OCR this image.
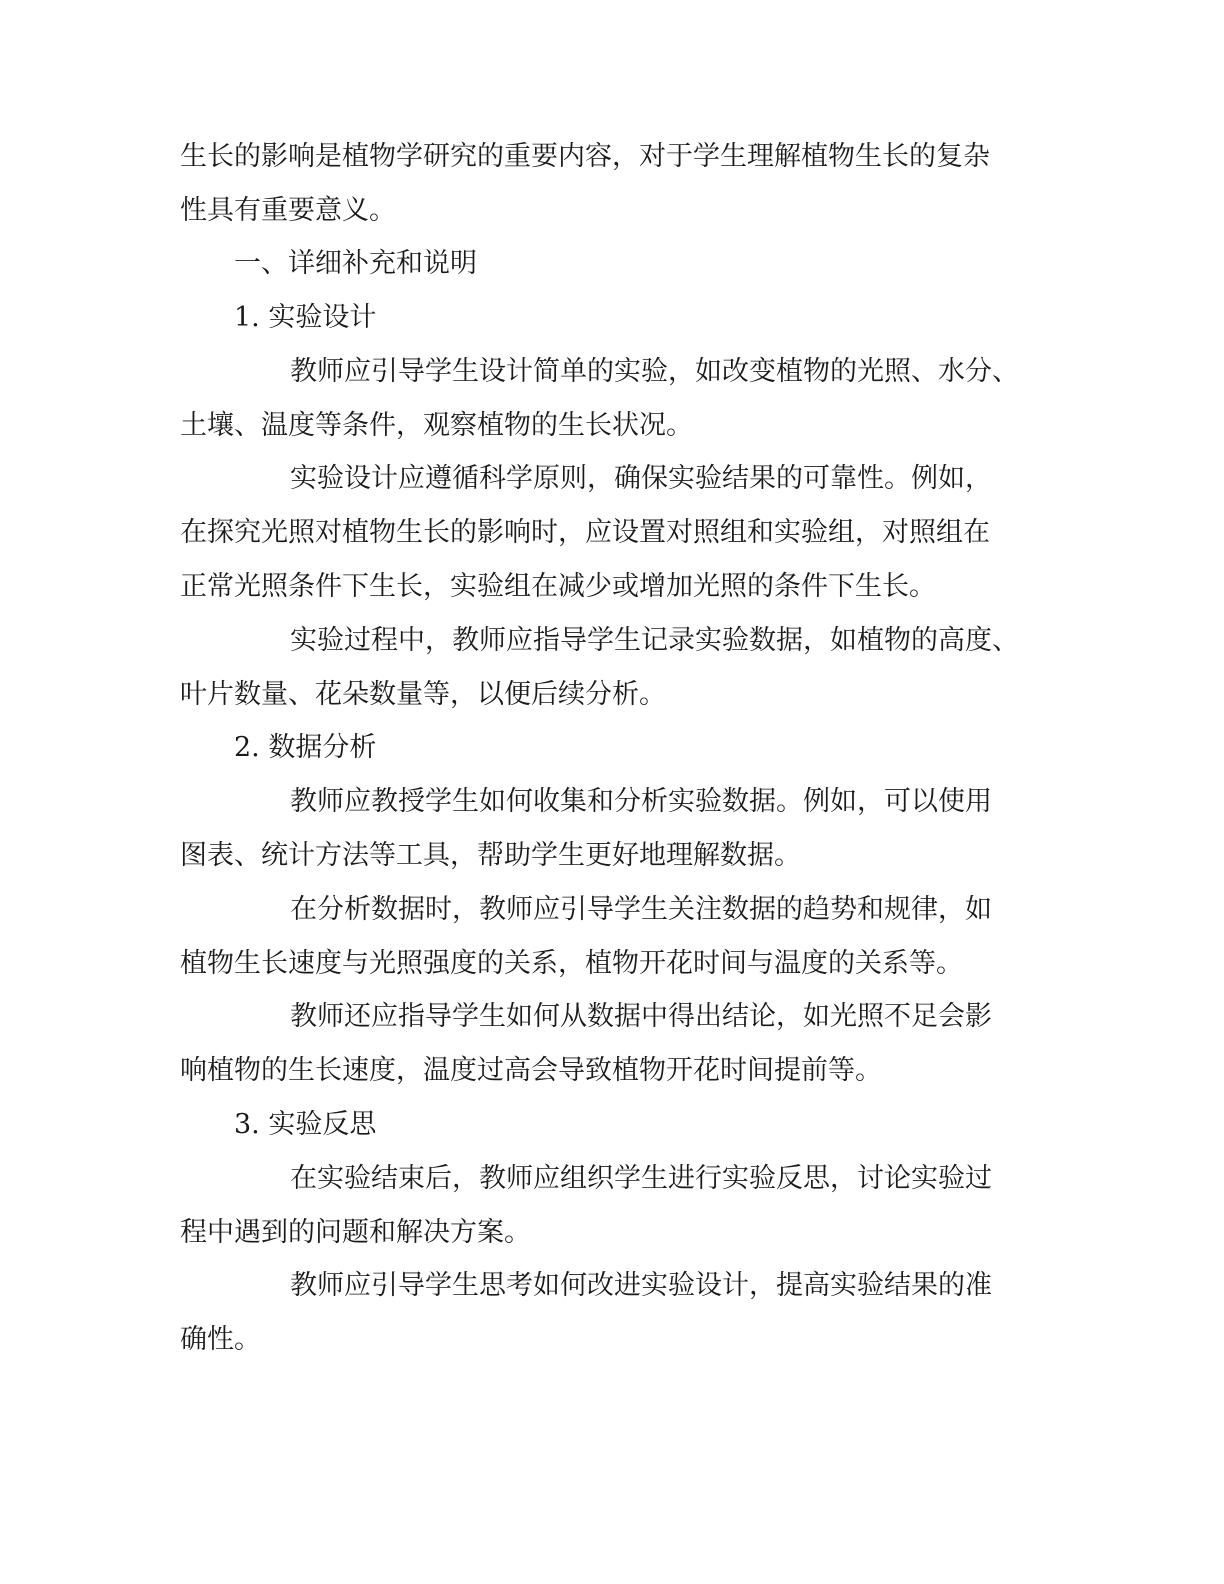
生长的影响是植物学研究的重要内容，对于学生理解植物生长的复杂
性具有重要意义。
一、详细补充和说明
1. 实验设计
教师应引导学生设计简单的实验，如改变植物的光照、水分、
土壤、温度等条件，观察植物的生长状况。
实验设计应遵循科学原则，确保实验结果的可靠性。例如，
在探究光照对植物生长的影响时，应设置对照组和实验组，对照组在
正常光照条件下生长，实验组在减少或增加光照的条件下生长。
实验过程中，教师应指导学生记录实验数据，如植物的高度、
叶片数量、花朵数量等，以便后续分析。
2. 数据分析
教师应教授学生如何收集和分析实验数据。例如，可以使用
图表、统计方法等工具，帮助学生更好地理解数据。
在分析数据时，教师应引导学生关注数据的趋势和规律，如
植物生长速度与光照强度的关系，植物开花时间与温度的关系等。
教师还应指导学生如何从数据中得出结论，如光照不足会影
响植物的生长速度，温度过高会导致植物开花时间提前等。
3. 实验反思
在实验结束后，教师应组织学生进行实验反思，讨论实验过
程中遇到的问题和解决方案。
教师应引导学生思考如何改进实验设计，提高实验结果的准
确性。
